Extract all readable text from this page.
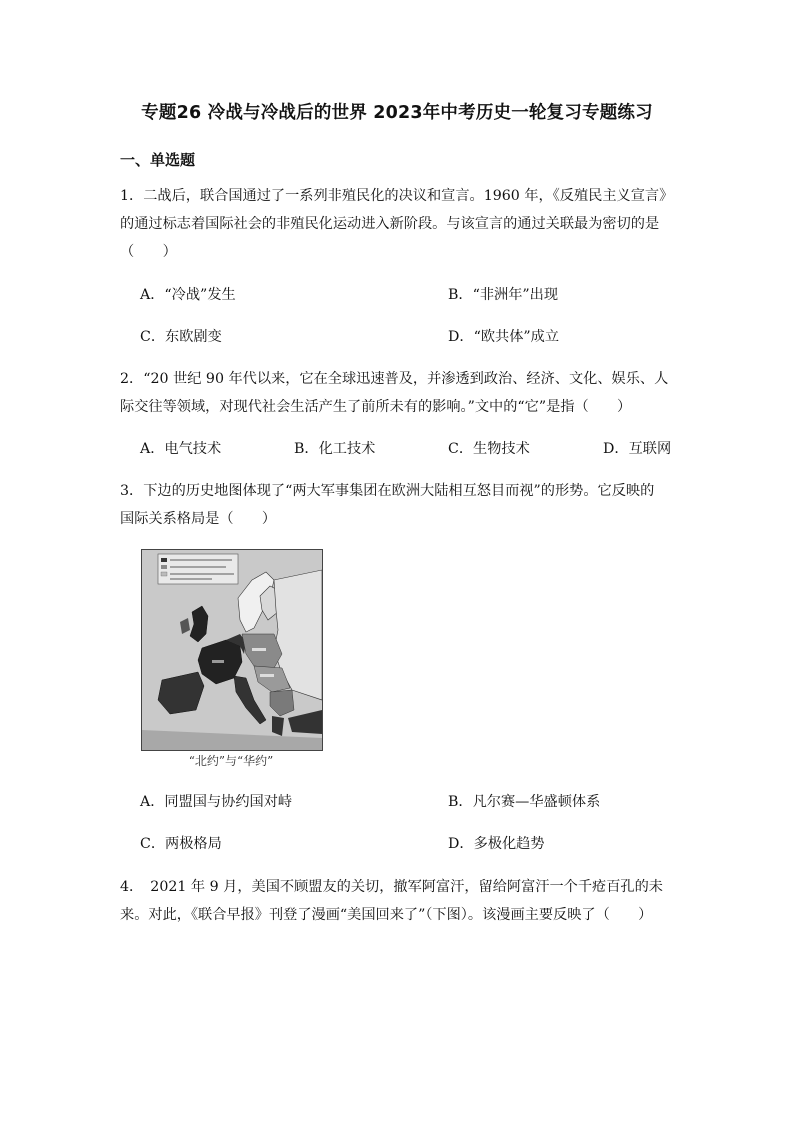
专题26 冷战与冷战后的世界 2023年中考历史一轮复习专题练习
一、单选题
1．二战后，联合国通过了一系列非殖民化的决议和宣言。1960 年，《反殖民主义宣言》
的通过标志着国际社会的非殖民化运动进入新阶段。与该宣言的通过关联最为密切的是
（　　）
A．“冷战”发生	B．“非洲年”出现
C．东欧剧变	D．“欧共体”成立
2．“20 世纪 90 年代以来，它在全球迅速普及，并渗透到政治、经济、文化、娱乐、人
际交往等领域，对现代社会生活产生了前所未有的影响。”文中的“它”是指（　　）
A．电气技术	B．化工技术	C．生物技术	D．互联网
3．下边的历史地图体现了“两大军事集团在欧洲大陆相互怒目而视”的形势。它反映的
国际关系格局是（　　）
“北约”与“华约”
A．同盟国与协约国对峙	B．凡尔赛—华盛顿体系
C．两极格局	D．多极化趋势
4．　2021 年 9 月，美国不顾盟友的关切，撤军阿富汗，留给阿富汗一个千疮百孔的未
来。对此，《联合早报》刊登了漫画“美国回来了”（下图）。该漫画主要反映了（　　）
